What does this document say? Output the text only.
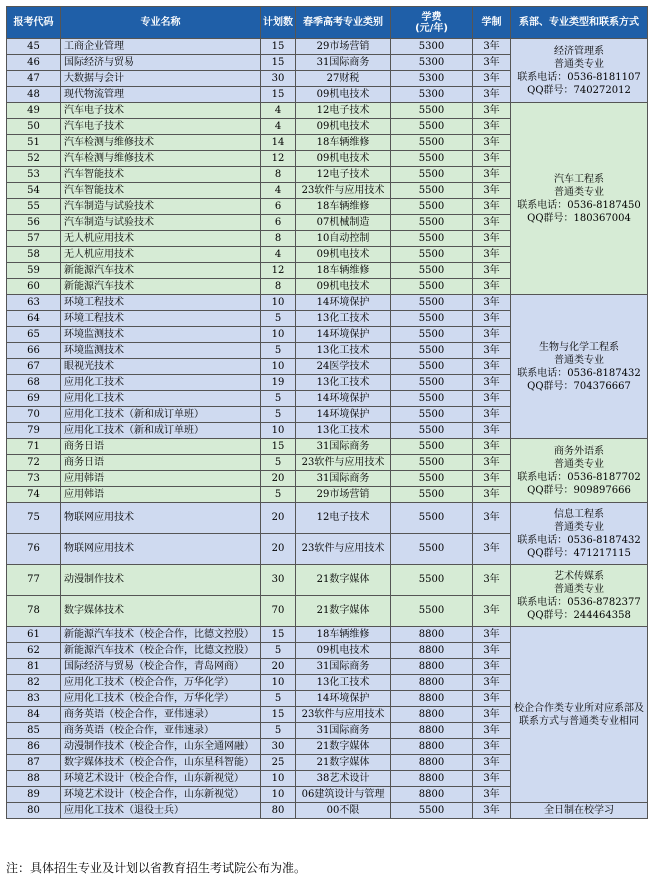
报考代码	专业名称	计划数	春季高考专业类别	学费
(元/年)	学制	系部、专业类型和联系方式
45	工商企业管理	15	29市场营销	5300	3年	经济管理系
普通类专业
联系电话：0536-8181107
QQ群号：740272012
46	国际经济与贸易	15	31国际商务	5300	3年	
47	大数据与会计	30	27财税	5300	3年	
48	现代物流管理	15	09机电技术	5300	3年	
49	汽车电子技术	4	12电子技术	5500	3年	汽车工程系
普通类专业
联系电话：0536-8187450
QQ群号：180367004
50	汽车电子技术	4	09机电技术	5500	3年	
51	汽车检测与维修技术	14	18车辆维修	5500	3年	
52	汽车检测与维修技术	12	09机电技术	5500	3年	
53	汽车智能技术	8	12电子技术	5500	3年	
54	汽车智能技术	4	23软件与应用技术	5500	3年	
55	汽车制造与试验技术	6	18车辆维修	5500	3年	
56	汽车制造与试验技术	6	07机械制造	5500	3年	
57	无人机应用技术	8	10自动控制	5500	3年	
58	无人机应用技术	4	09机电技术	5500	3年	
59	新能源汽车技术	12	18车辆维修	5500	3年	
60	新能源汽车技术	8	09机电技术	5500	3年	
63	环境工程技术	10	14环境保护	5500	3年	生物与化学工程系
普通类专业
联系电话：0536-8187432
QQ群号：704376667
64	环境工程技术	5	13化工技术	5500	3年	
65	环境监测技术	10	14环境保护	5500	3年	
66	环境监测技术	5	13化工技术	5500	3年	
67	眼视光技术	10	24医学技术	5500	3年	
68	应用化工技术	19	13化工技术	5500	3年	
69	应用化工技术	5	14环境保护	5500	3年	
70	应用化工技术（新和成订单班）	5	14环境保护	5500	3年	
79	应用化工技术（新和成订单班）	10	13化工技术	5500	3年	
71	商务日语	15	31国际商务	5500	3年	商务外语系
普通类专业
联系电话：0536-8187702
QQ群号：909897666
72	商务日语	5	23软件与应用技术	5500	3年	
73	应用韩语	20	31国际商务	5500	3年	
74	应用韩语	5	29市场营销	5500	3年	
75	物联网应用技术	20	12电子技术	5500	3年	信息工程系
普通类专业
联系电话：0536-8187432
QQ群号：471217115
76	物联网应用技术	20	23软件与应用技术	5500	3年	
77	动漫制作技术	30	21数字媒体	5500	3年	艺术传媒系
普通类专业
联系电话：0536-8782377
QQ群号：244464358
78	数字媒体技术	70	21数字媒体	5500	3年	
61	新能源汽车技术（校企合作，比德文控股）	15	18车辆维修	8800	3年	校企合作类专业所对应系部及
联系方式与普通类专业相同
62	新能源汽车技术（校企合作，比德文控股）	5	09机电技术	8800	3年	
81	国际经济与贸易（校企合作，青岛网商）	20	31国际商务	8800	3年	
82	应用化工技术（校企合作，万华化学）	10	13化工技术	8800	3年	
83	应用化工技术（校企合作，万华化学）	5	14环境保护	8800	3年	
84	商务英语（校企合作，亚伟速录）	15	23软件与应用技术	8800	3年	
85	商务英语（校企合作，亚伟速录）	5	31国际商务	8800	3年	
86	动漫制作技术（校企合作，山东全通网融）	30	21数字媒体	8800	3年	
87	数字媒体技术（校企合作，山东星科智能）	25	21数字媒体	8800	3年	
88	环境艺术设计（校企合作，山东新视觉）	10	38艺术设计	8800	3年	
89	环境艺术设计（校企合作，山东新视觉）	10	06建筑设计与管理	8800	3年	
80	应用化工技术（退役士兵）	80	00不限	5500	3年	全日制在校学习
注：具体招生专业及计划以省教育招生考试院公布为准。
